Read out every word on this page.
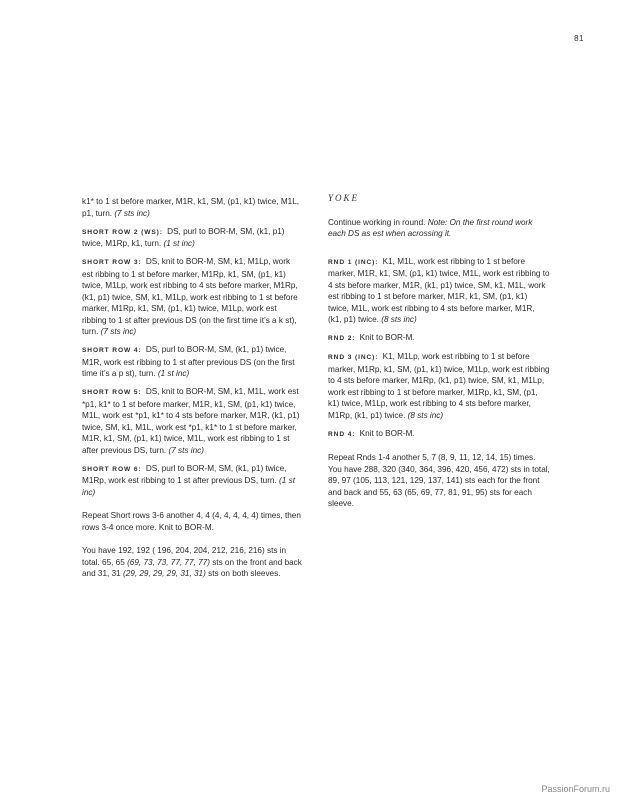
81

k1* to 1 st before marker, M1R, k1, SM, (p1, k1) twice, M1L, p1, turn. (7 sts inc)

SHORT ROW 2 (WS): DS, purl to BOR-M, SM, (k1, p1) twice, M1Rp, k1, turn. (1 st inc)

SHORT ROW 3: DS, knit to BOR-M, SM, k1, M1Lp, work est ribbing to 1 st before marker, M1Rp, k1, SM, (p1, k1) twice, M1Lp, work est ribbing to 4 sts before marker, M1Rp, (k1, p1) twice, SM, k1, M1Lp, work est ribbing to 1 st before marker, M1Rp, k1, SM, (p1, k1) twice, M1Lp, work est ribbing to 1 st after previous DS (on the first time it’s a k st), turn. (7 sts inc)

SHORT ROW 4: DS, purl to BOR-M, SM, (k1, p1) twice, M1R, work est ribbing to 1 st after previous DS (on the first time it’s a p st), turn. (1 st inc)

SHORT ROW 5: DS, knit to BOR-M, SM, k1, M1L, work est *p1, k1* to 1 st before marker, M1R, k1, SM, (p1, k1) twice, M1L, work est *p1, k1* to 4 sts before marker, M1R, (k1, p1) twice, SM, k1, M1L, work est *p1, k1* to 1 st before marker, M1R, k1, SM, (p1, k1) twice, M1L, work est ribbing to 1 st after previous DS, turn. (7 sts inc)

SHORT ROW 6: DS, purl to BOR-M, SM, (k1, p1) twice, M1Rp, work est ribbing to 1 st after previous DS, turn. (1 st inc)

Repeat Short rows 3-6 another 4, 4 (4, 4, 4, 4, 4) times, then rows 3-4 once more. Knit to BOR-M.

You have 192, 192 ( 196, 204, 204, 212, 216, 216) sts in total. 65, 65 (69, 73, 73, 77, 77, 77) sts on the front and back and 31, 31 (29, 29, 29, 29, 31, 31) sts on both sleeves.

YOKE

Continue working in round. Note: On the first round work each DS as est when acrossing it.

RND 1 (INC): K1, M1L, work est ribbing to 1 st before marker, M1R, k1, SM, (p1, k1) twice, M1L, work est ribbing to 4 sts before marker, M1R, (k1, p1) twice, SM, k1, M1L, work est ribbing to 1 st before marker, M1R, k1, SM, (p1, k1) twice, M1L, work est ribbing to 4 sts before marker, M1R, (k1, p1) twice. (8 sts inc)

RND 2: Knit to BOR-M.

RND 3 (INC): K1, M1Lp, work est ribbing to 1 st before marker, M1Rp, k1, SM, (p1, k1) twice, M1Lp, work est ribbing to 4 sts before marker, M1Rp, (k1, p1) twice, SM, k1, M1Lp, work est ribbing to 1 st before marker, M1Rp, k1, SM, (p1, k1) twice, M1Lp, work est ribbing to 4 sts before marker, M1Rp, (k1, p1) twice. (8 sts inc)

RND 4: Knit to BOR-M.

Repeat Rnds 1-4 another 5, 7 (8, 9, 11, 12, 14, 15) times. You have 288, 320 (340, 364, 396, 420, 456, 472) sts in total, 89, 97 (105, 113, 121, 129, 137, 141) sts each for the front and back and 55, 63 (65, 69, 77, 81, 91, 95) sts for each sleeve.

PassionForum.ru
